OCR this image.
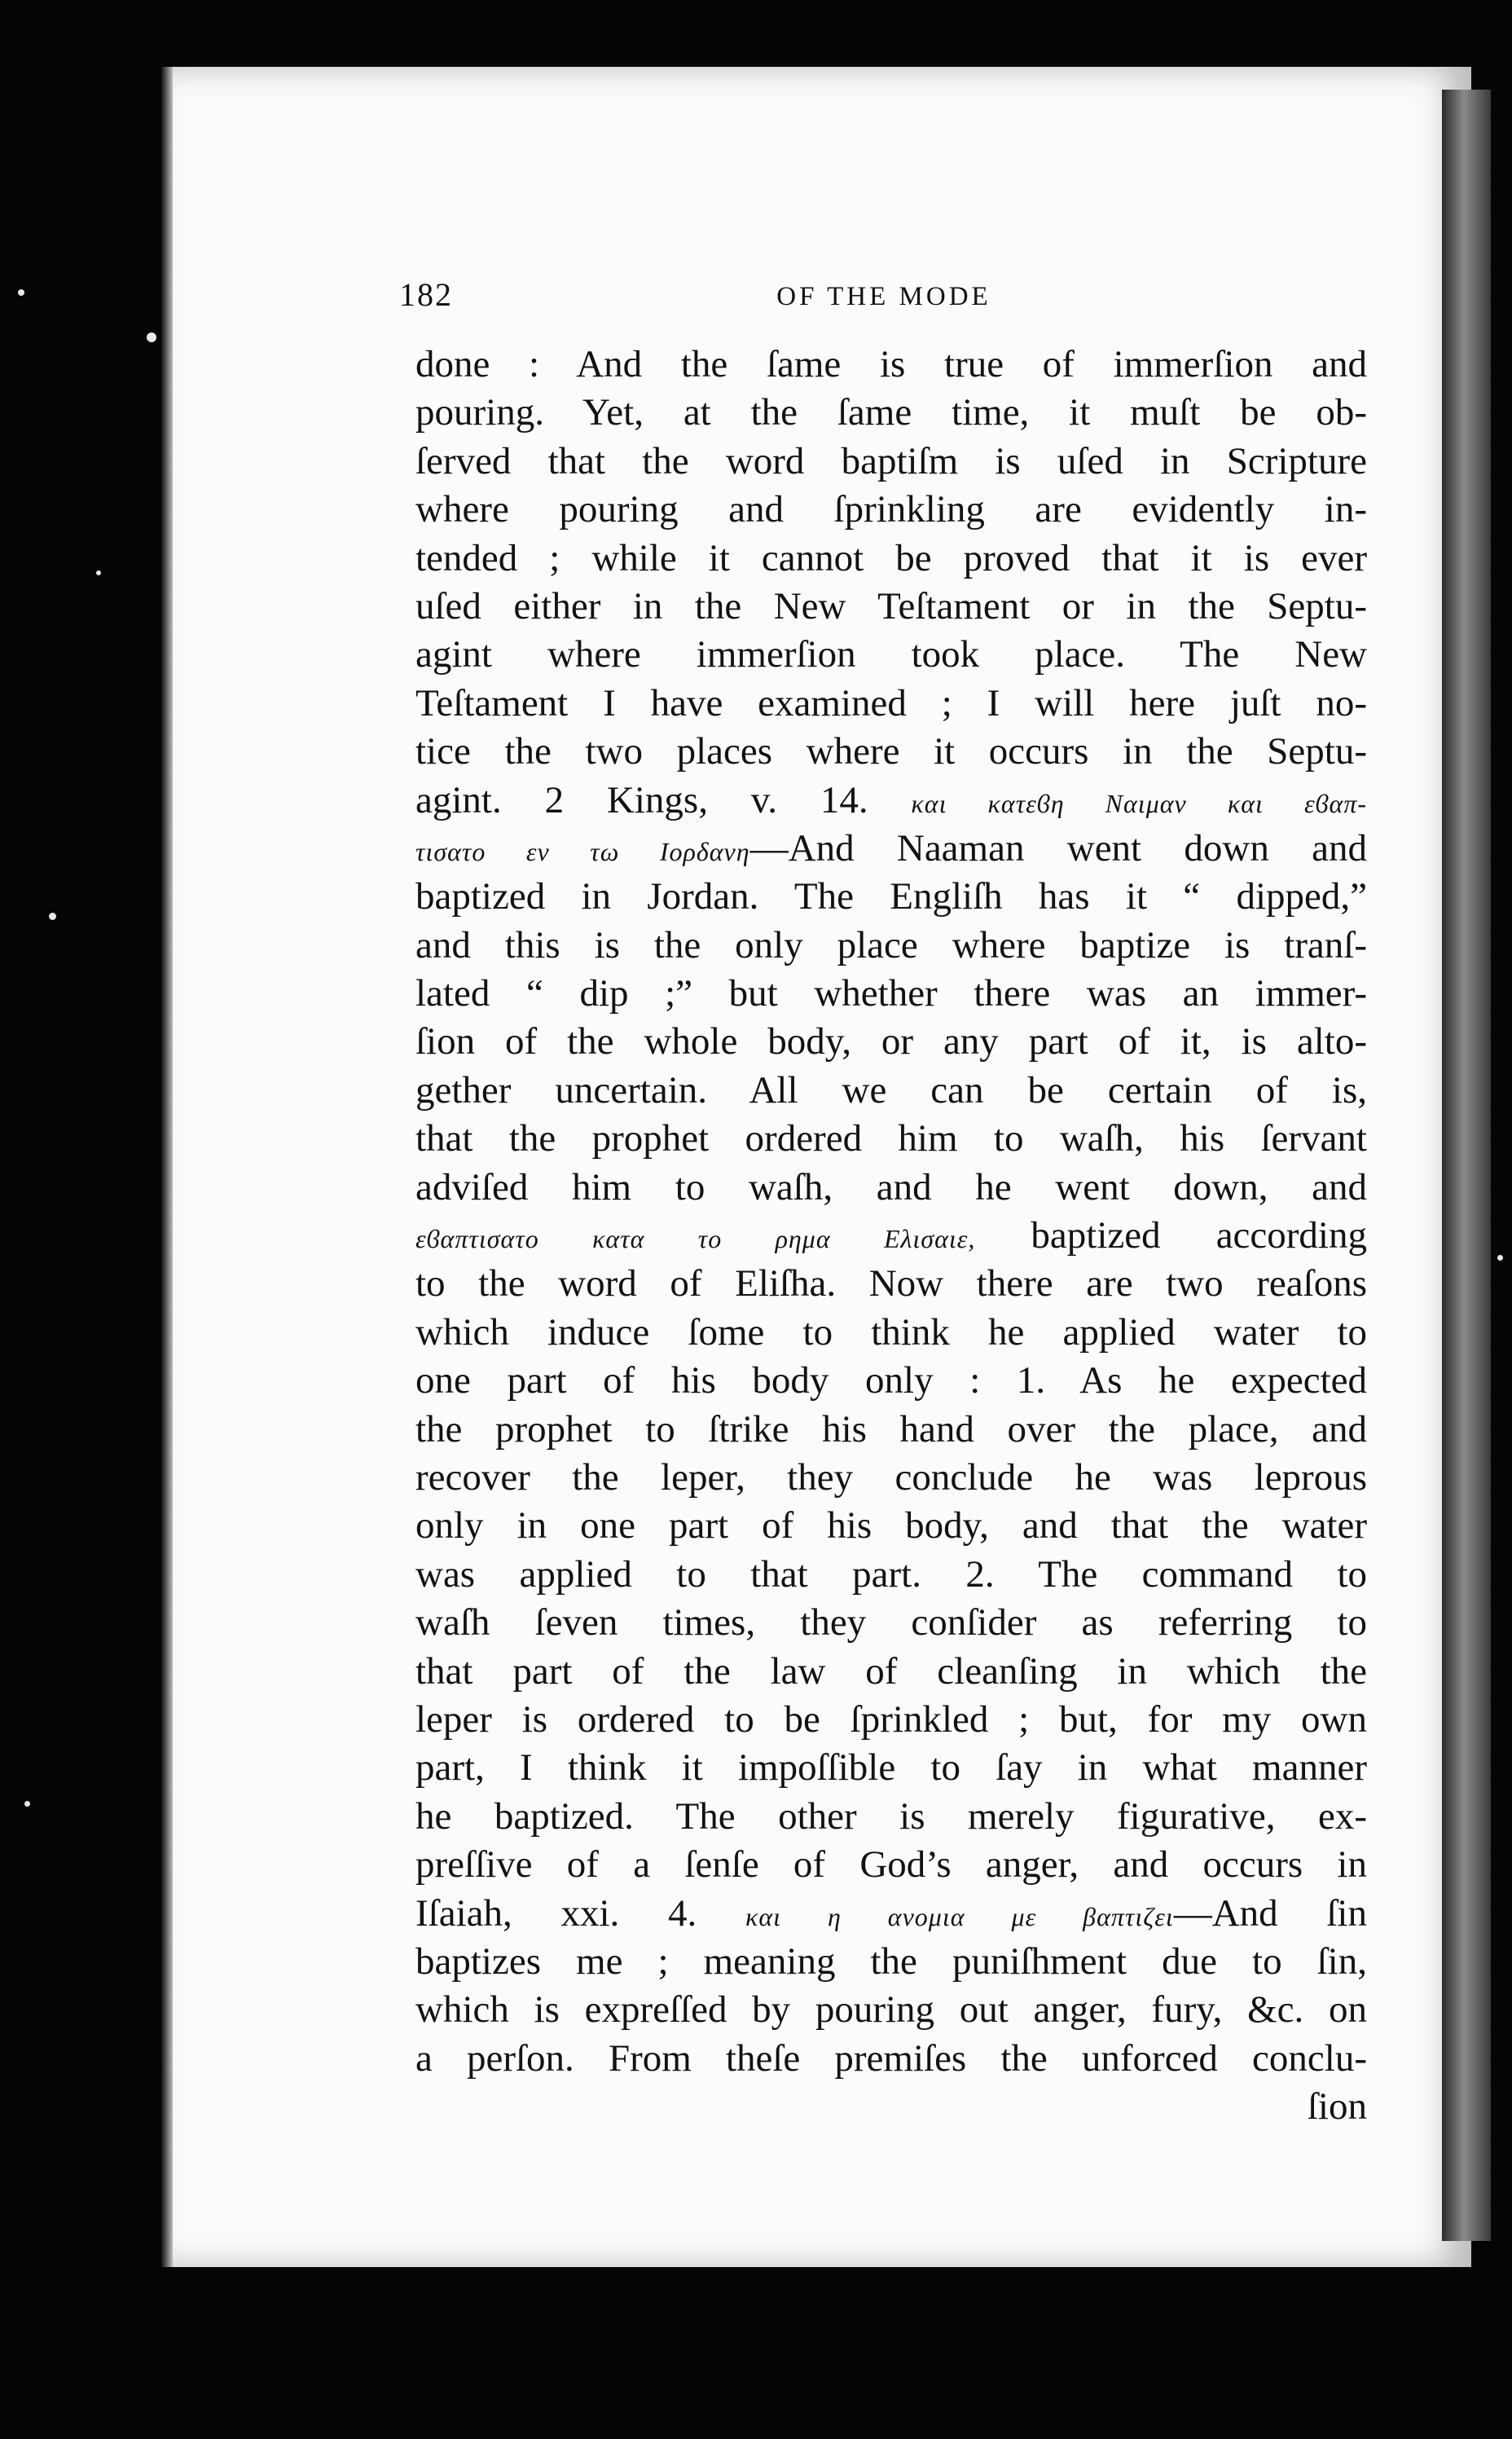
182	OF THE MODE
done : And the ſame is true of immerſion and
pouring. Yet, at the ſame time, it muſt be ob-
ſerved that the word baptiſm is uſed in Scripture
where pouring and ſprinkling are evidently in-
tended ; while it cannot be proved that it is ever
uſed either in the New Teſtament or in the Septu-
agint where immerſion took place. The New
Teſtament I have examined ; I will here juſt no-
tice the two places where it occurs in the Septu-
agint. 2 Kings, v. 14. και κατεϐη Ναιμαν και εϐαπ-
τισατο εν τω Ιορδανη—And Naaman went down and
baptized in Jordan. The Engliſh has it “ dipped,”
and this is the only place where baptize is tranſ-
lated “ dip ;” but whether there was an immer-
ſion of the whole body, or any part of it, is alto-
gether uncertain. All we can be certain of is,
that the prophet ordered him to waſh, his ſervant
adviſed him to waſh, and he went down, and
εϐαπτισατο κατα το ρημα Ελισαιε, baptized according
to the word of Eliſha. Now there are two reaſons
which induce ſome to think he applied water to
one part of his body only : 1. As he expected
the prophet to ſtrike his hand over the place, and
recover the leper, they conclude he was leprous
only in one part of his body, and that the water
was applied to that part. 2. The command to
waſh ſeven times, they conſider as referring to
that part of the law of cleanſing in which the
leper is ordered to be ſprinkled ; but, for my own
part, I think it impoſſible to ſay in what manner
he baptized. The other is merely figurative, ex-
preſſive of a ſenſe of God’s anger, and occurs in
Iſaiah, xxi. 4. και η ανομια με βαπτιζει—And ſin
baptizes me ; meaning the puniſhment due to ſin,
which is expreſſed by pouring out anger, fury, &c. on
a perſon. From theſe premiſes the unforced conclu-
ſion
